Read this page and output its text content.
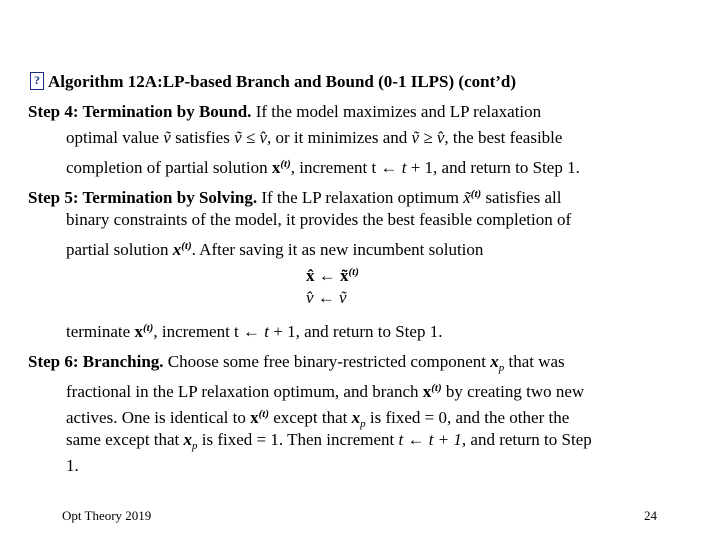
? Algorithm 12A:LP-based Branch and Bound (0-1 ILPS) (cont’d)
Step 4: Termination by Bound. If the model maximizes and LP relaxation
optimal value ṽ satisfies ṽ ≤ v̂, or it minimizes and ṽ ≥ v̂, the best feasible
completion of partial solution $x^{(t)}$, increment t ← t + 1, and return to Step 1.
Step 5: Termination by Solving. If the LP relaxation optimum x̃$^{(t)}$ satisfies all
binary constraints of the model, it provides the best feasible completion of
partial solution $x^{(t)}$. After saving it as new incumbent solution
x̂ ← x̃$^{(t)}$
v̂ ← ṽ
terminate $x^{(t)}$, increment t ← t + 1, and return to Step 1.
Step 6: Branching. Choose some free binary-restricted component $x_p$ that was
fractional in the LP relaxation optimum, and branch $x^{(t)}$ by creating two new
actives. One is identical to $x^{(t)}$ except that $x_p$ is fixed = 0, and the other the
same except that $x_p$ is fixed = 1. Then increment t ← t + 1, and return to Step
1.
Opt Theory 2019	24
